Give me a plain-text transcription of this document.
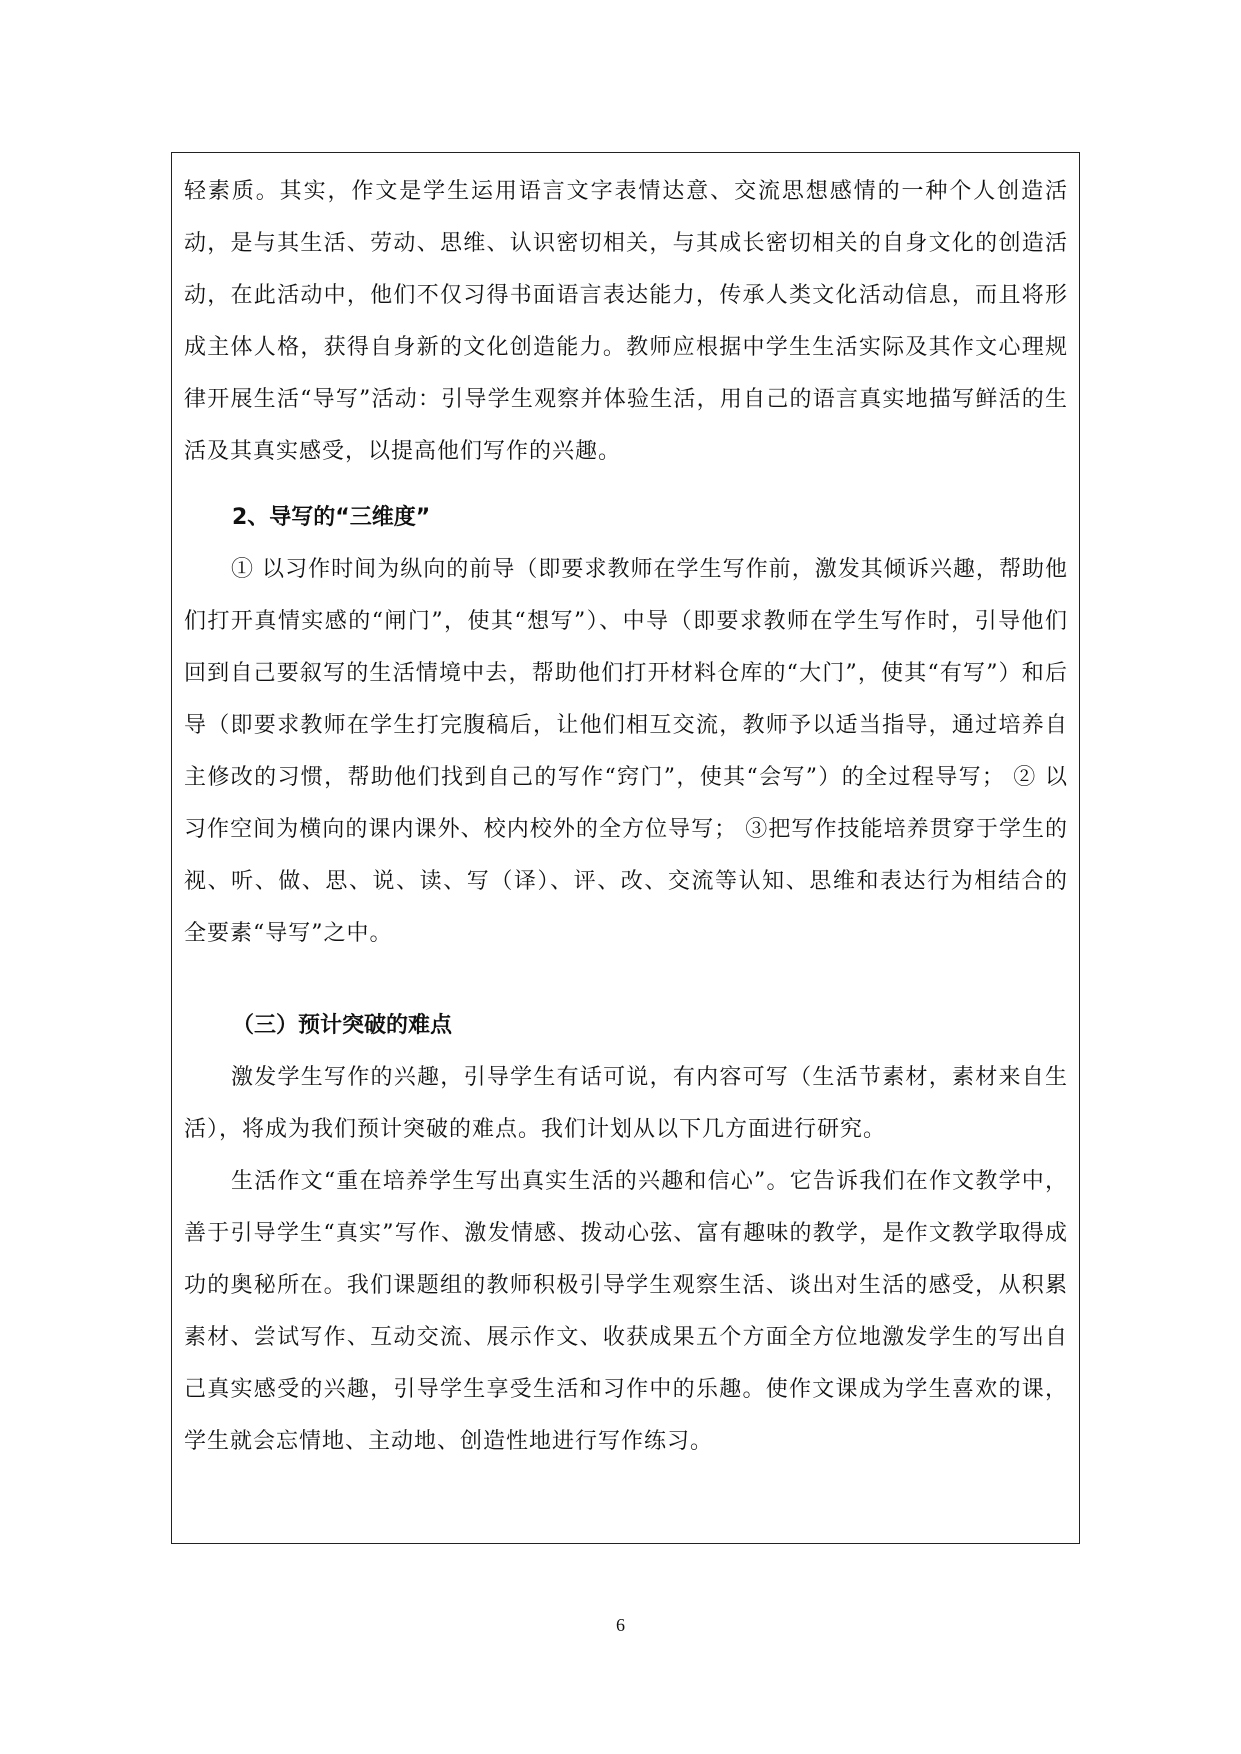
轻素质。其实，作文是学生运用语言文字表情达意、交流思想感情的一种个人创造活动，是与其生活、劳动、思维、认识密切相关，与其成长密切相关的自身文化的创造活动，在此活动中，他们不仅习得书面语言表达能力，传承人类文化活动信息，而且将形成主体人格，获得自身新的文化创造能力。教师应根据中学生生活实际及其作文心理规律开展生活“导写”活动：引导学生观察并体验生活，用自己的语言真实地描写鲜活的生活及其真实感受，以提高他们写作的兴趣。

2、导写的“三维度”

① 以习作时间为纵向的前导（即要求教师在学生写作前，激发其倾诉兴趣，帮助他们打开真情实感的“闸门”，使其“想写”）、中导（即要求教师在学生写作时，引导他们回到自己要叙写的生活情境中去，帮助他们打开材料仓库的“大门”，使其“有写”）和后导（即要求教师在学生打完腹稿后，让他们相互交流，教师予以适当指导，通过培养自主修改的习惯，帮助他们找到自己的写作“窍门”，使其“会写”）的全过程导写； ② 以习作空间为横向的课内课外、校内校外的全方位导写； ③把写作技能培养贯穿于学生的视、听、做、思、说、读、写（译）、评、改、交流等认知、思维和表达行为相结合的全要素“导写”之中。

（三）预计突破的难点

激发学生写作的兴趣，引导学生有话可说，有内容可写（生活节素材，素材来自生活），将成为我们预计突破的难点。我们计划从以下几方面进行研究。

生活作文“重在培养学生写出真实生活的兴趣和信心”。它告诉我们在作文教学中，善于引导学生“真实”写作、激发情感、拨动心弦、富有趣味的教学，是作文教学取得成功的奥秘所在。我们课题组的教师积极引导学生观察生活、谈出对生活的感受，从积累素材、尝试写作、互动交流、展示作文、收获成果五个方面全方位地激发学生的写出自己真实感受的兴趣，引导学生享受生活和习作中的乐趣。使作文课成为学生喜欢的课，学生就会忘情地、主动地、创造性地进行写作练习。

6
